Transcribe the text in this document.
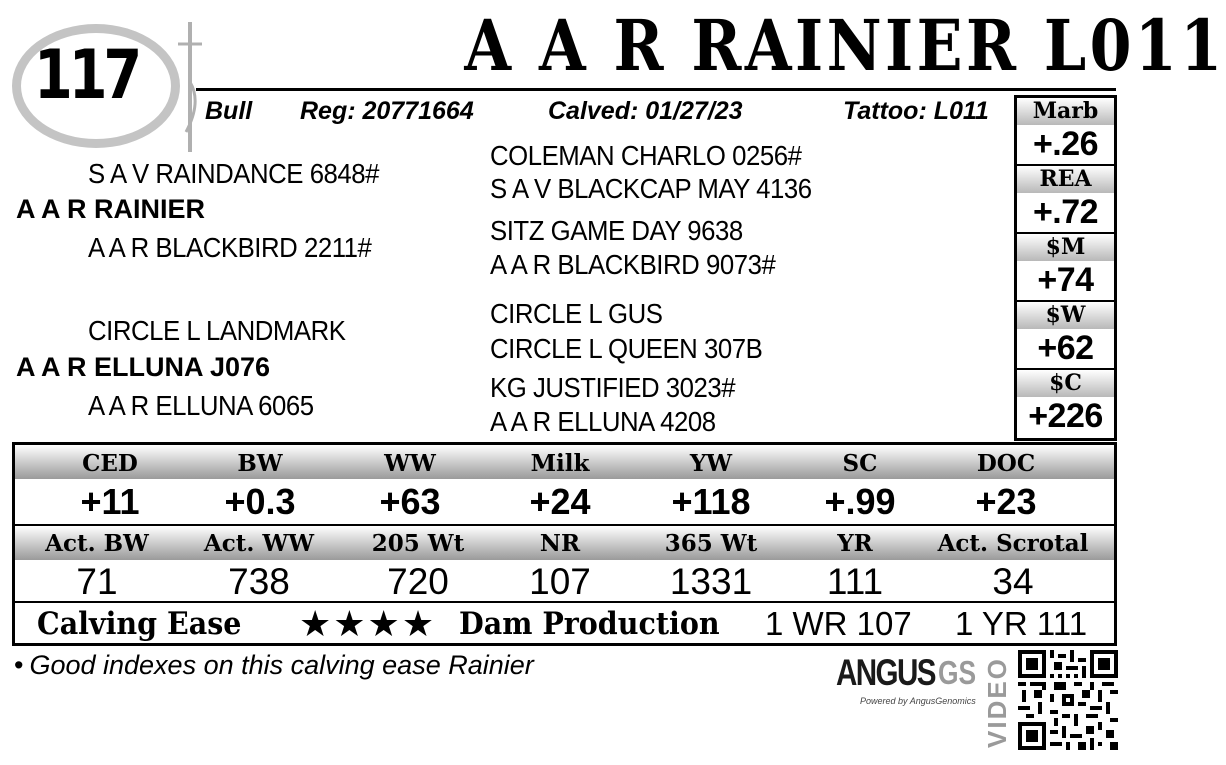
117	A A R RAINIER L011
Bull Reg: 20771664	Calved: 01/27/23	Tattoo: L011
S A V RAINDANCE 6848#
A A R RAINIER
A A R BLACKBIRD 2211#
COLEMAN CHARLO 0256#
S A V BLACKCAP MAY 4136
SITZ GAME DAY 9638
A A R BLACKBIRD 9073#
CIRCLE L LANDMARK
A A R ELLUNA J076
A A R ELLUNA 6065
CIRCLE L GUS
CIRCLE L QUEEN 307B
KG JUSTIFIED 3023#
A A R ELLUNA 4208
Marb
+.26
REA
+.72
$M
+74
$W
+62
$C
+226
CED
+11
BW
+0.3
WW
+63
Milk
+24
YW
+118
SC
+.99
DOC
+23
Act. BW
71
Act. WW
738
205 Wt
720
NR
107
365 Wt
1331
YR
111
Act. Scrotal
34
Calving Ease ★★★★ Dam Production 1 WR 107 1 YR 111
• Good indexes on this calving ease Rainier	ANGUS GS
Powered by AngusGenomics VIDEO
